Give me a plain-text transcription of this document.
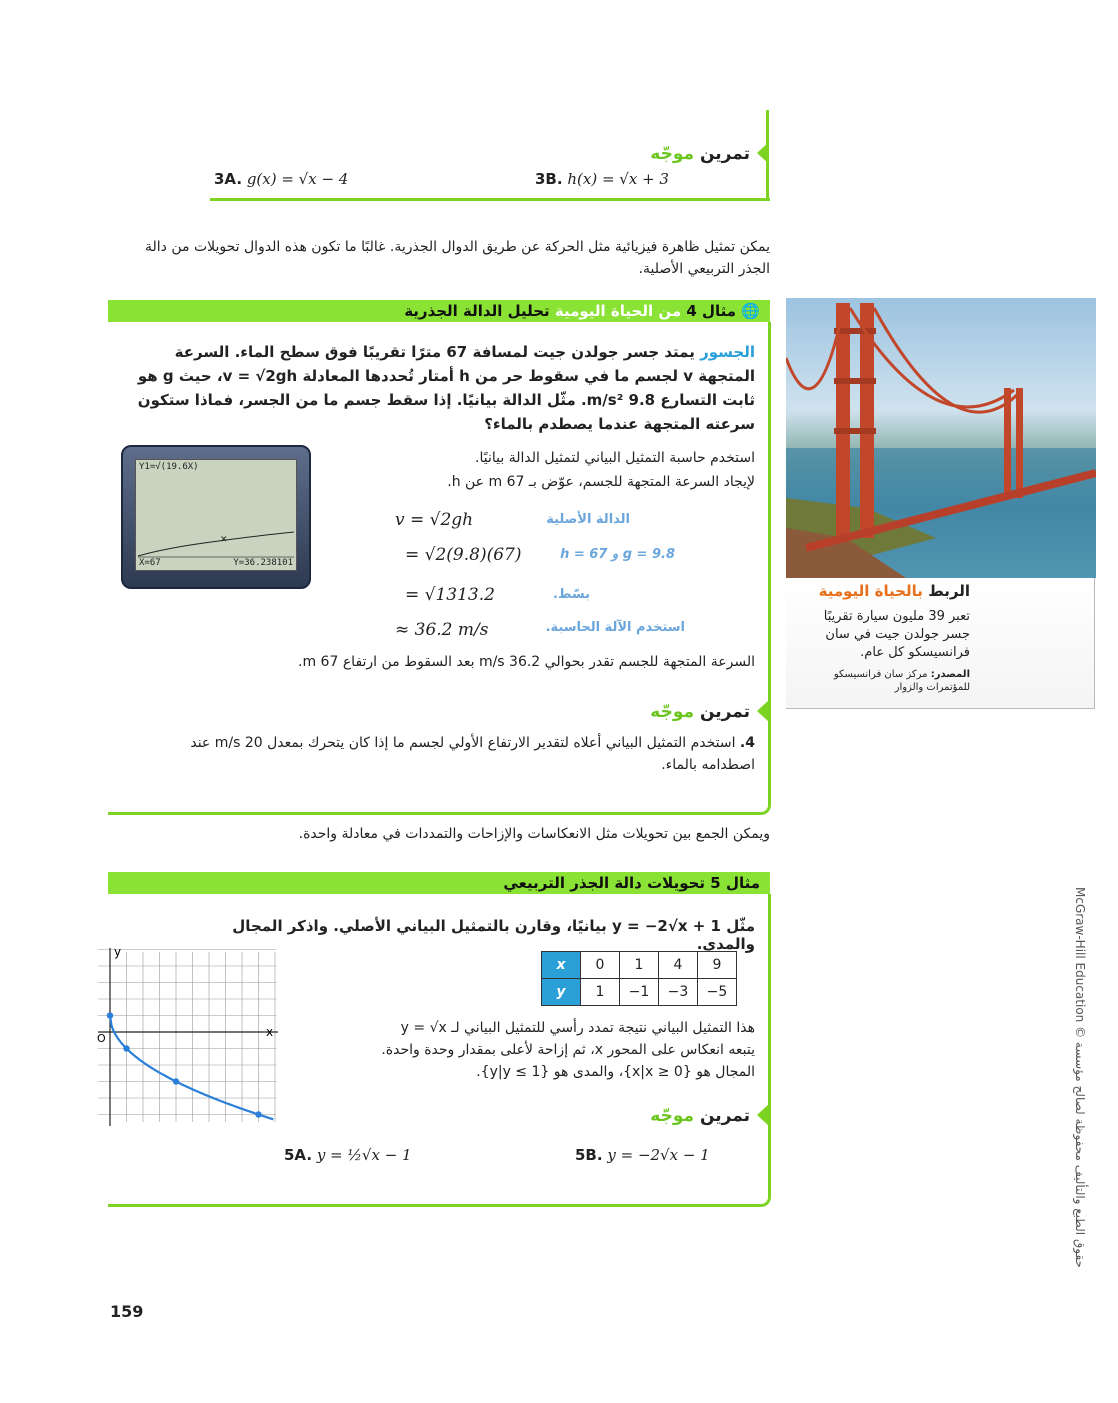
تمرين موجّه
3A. g(x) = √x − 4	3B. h(x) = √x + 3
يمكن تمثيل ظاهرة فيزيائية مثل الحركة عن طريق الدوال الجذرية. غالبًا ما تكون هذه الدوال تحويلات من دالة الجذر التربيعي الأصلية.
🌐 مثال 4 من الحياة اليومية تحليل الدالة الجذرية
الجسور يمتد جسر جولدن جيت لمسافة 67 مترًا تقريبًا فوق سطح الماء. السرعة المتجهة v لجسم ما في سقوط حر من h أمتار تُحددها المعادلة v = √2gh، حيث g هو ثابت التسارع 9.8 m/s². مثّل الدالة بيانيًا. إذا سقط جسم ما من الجسر، فماذا ستكون سرعته المتجهة عندما يصطدم بالماء؟
Y1=√(19.6X)
✕
X=67	Y=36.238101
استخدم حاسبة التمثيل البياني لتمثيل الدالة بيانيًا.
لإيجاد السرعة المتجهة للجسم، عوّض بـ 67 m عن h.
v = √2gh	الدالة الأصلية
= √2(9.8)(67)	g = 9.8 و h = 67
= √1313.2	بسّط.
≈ 36.2 m/s	استخدم الآلة الحاسبة.
السرعة المتجهة للجسم تقدر بحوالي 36.2 m/s بعد السقوط من ارتفاع 67 m.
تمرين موجّه
4. استخدم التمثيل البياني أعلاه لتقدير الارتفاع الأولي لجسم ما إذا كان يتحرك بمعدل 20 m/s عند اصطدامه بالماء.
الربط بالحياة اليومية
تعبر 39 مليون سيارة تقريبًا جسر جولدن جيت في سان فرانسيسكو كل عام.
المصدر: مركز سان فرانسيسكو للمؤتمرات والزوار
ويمكن الجمع بين تحويلات مثل الانعكاسات والإزاحات والتمددات في معادلة واحدة.
مثال 5 تحويلات دالة الجذر التربيعي
مثّل y = −2√x + 1 بيانيًا، وقارن بالتمثيل البياني الأصلي. واذكر المجال والمدى.
x	0	1	4	9
y	1	−1	−3	−5
هذا التمثيل البياني نتيجة تمدد رأسي للتمثيل البياني لـ y = √x
يتبعه انعكاس على المحور x، ثم إزاحة لأعلى بمقدار وحدة واحدة.
المجال هو {x|x ≥ 0}، والمدى هو {y|y ≤ 1}.
y
x
O
تمرين موجّه
5A. y = ½√x − 1	5B. y = −2√x − 1
McGraw-Hill Education © حقوق الطبع والتأليف محفوظة لصالح مؤسسة
159
